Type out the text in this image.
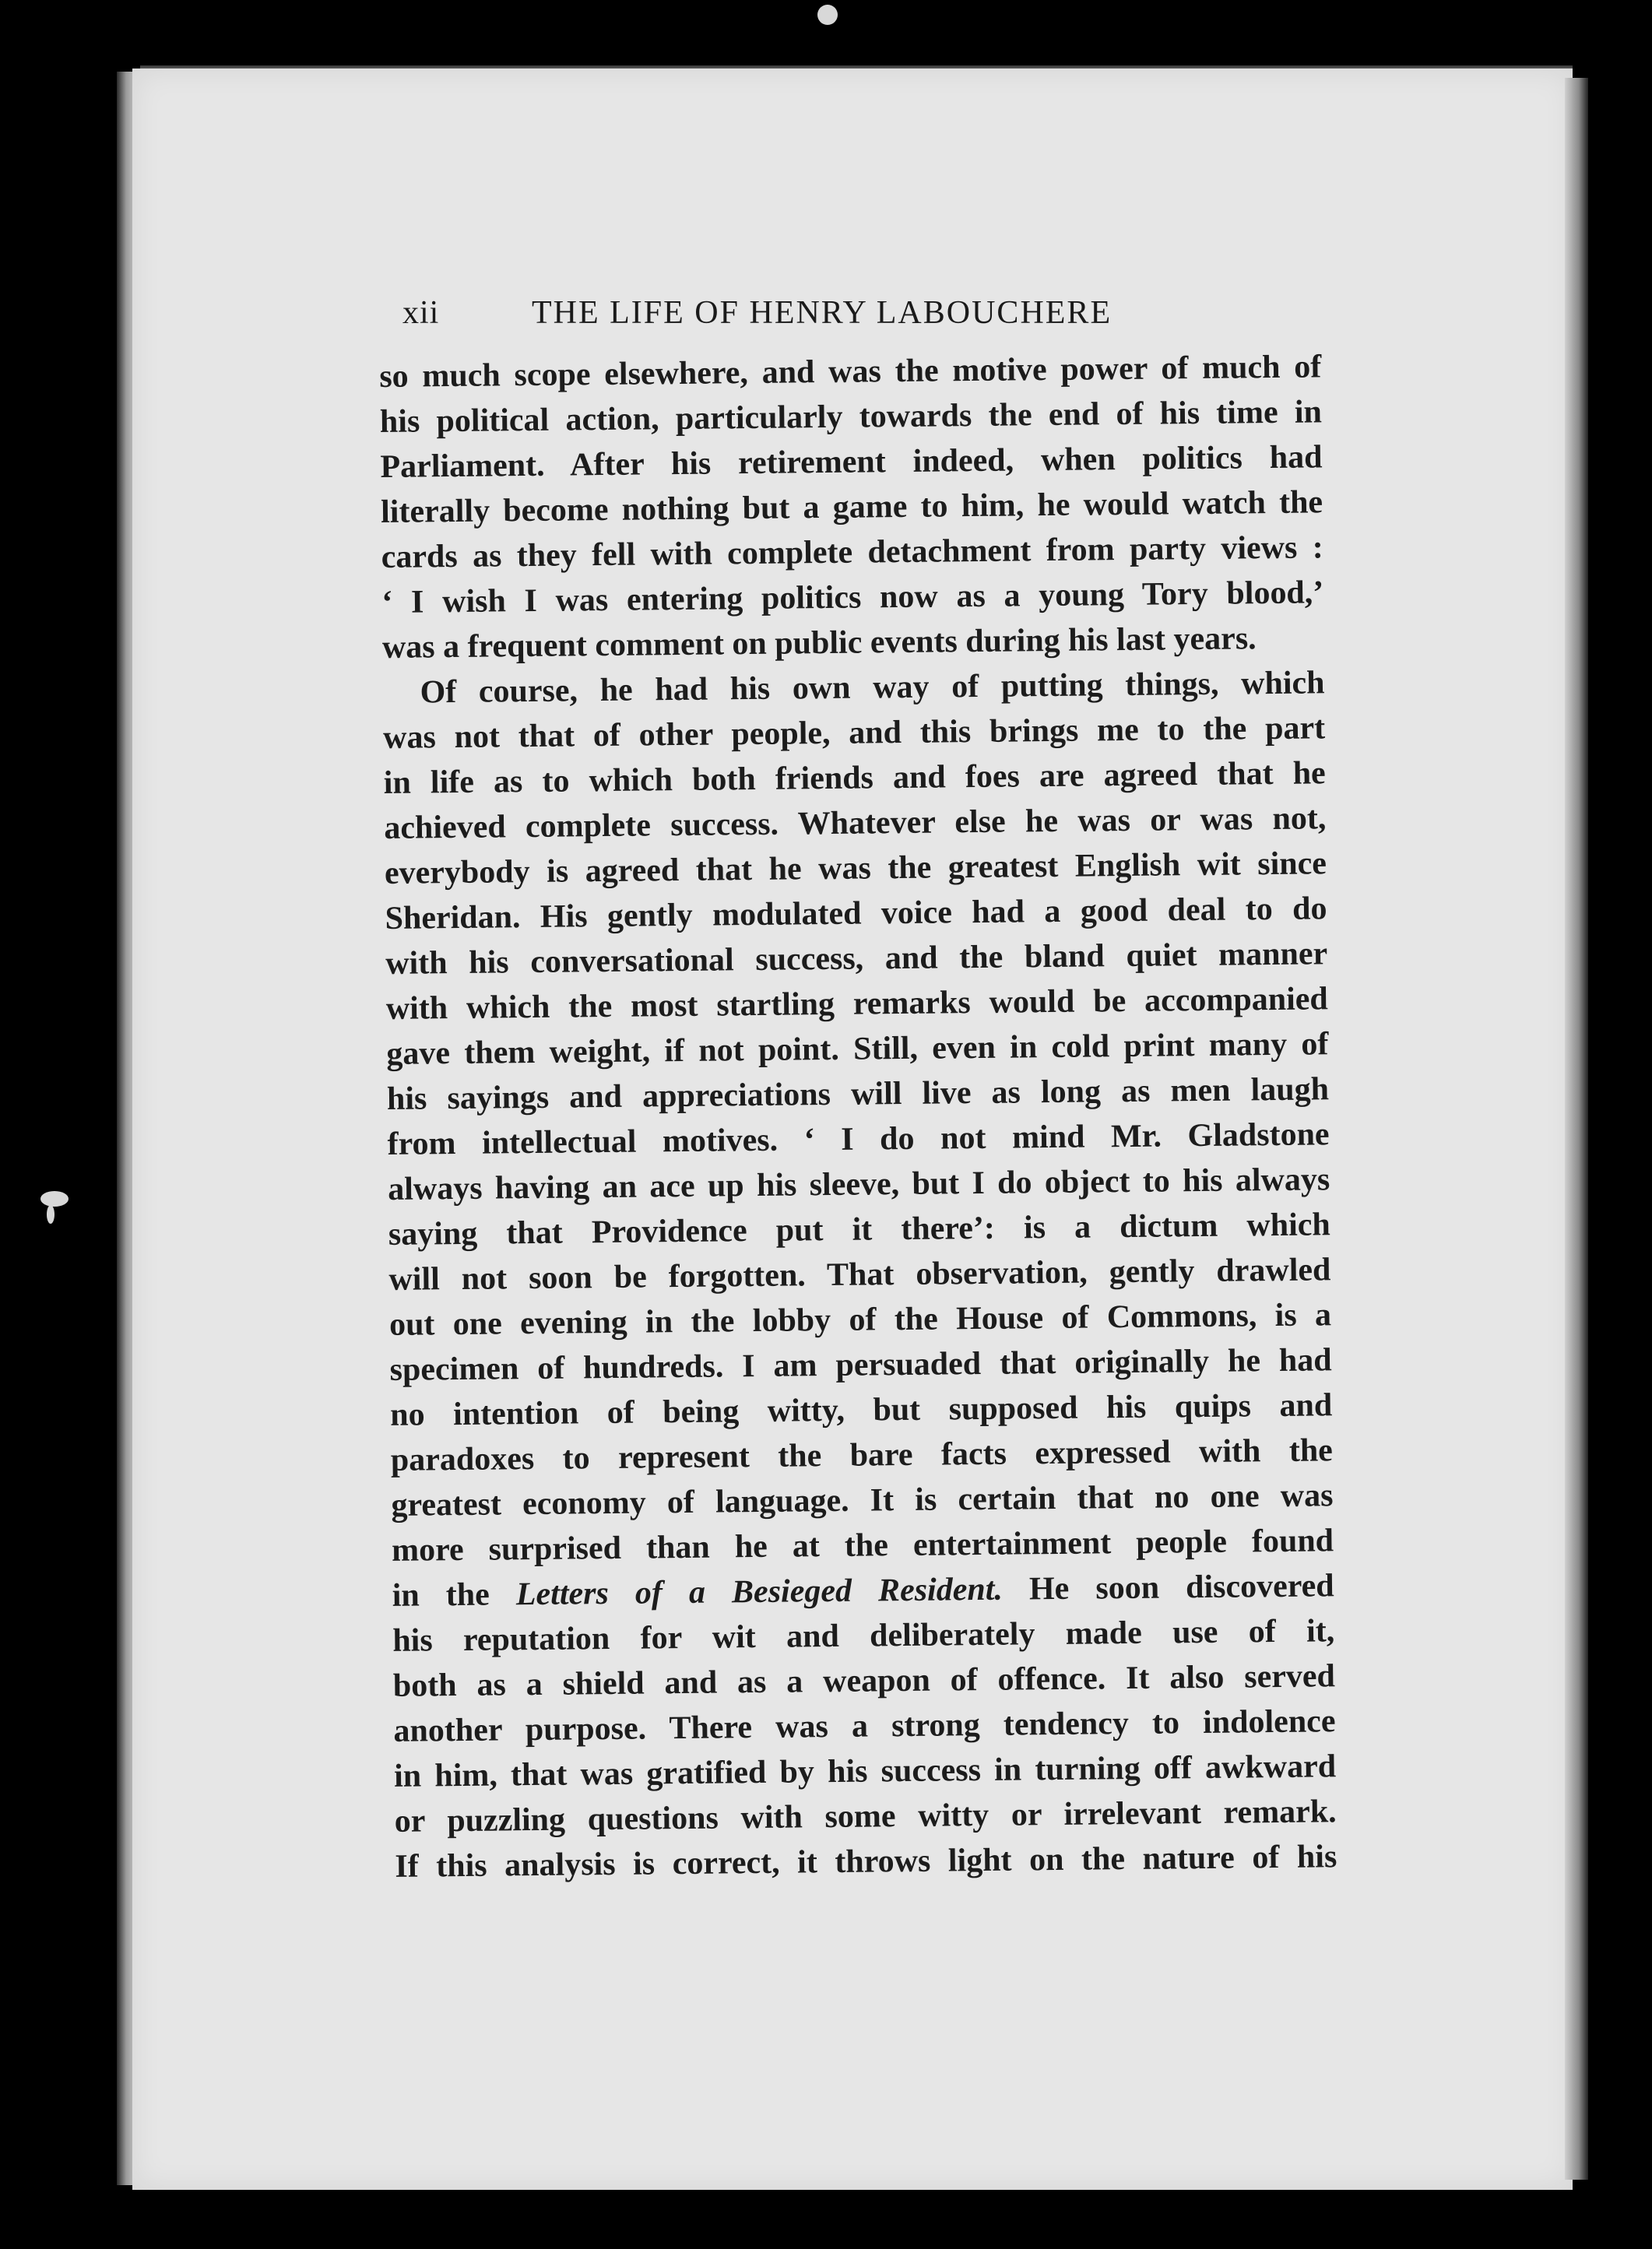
xii	THE LIFE OF HENRY LABOUCHERE

so much scope elsewhere, and was the motive power of much of
his political action, particularly towards the end of his time in
Parliament. After his retirement indeed, when politics had
literally become nothing but a game to him, he would watch the
cards as they fell with complete detachment from party views :
‘ I wish I was entering politics now as a young Tory blood,’
was a frequent comment on public events during his last years.

Of course, he had his own way of putting things, which
was not that of other people, and this brings me to the part
in life as to which both friends and foes are agreed that he
achieved complete success. Whatever else he was or was not,
everybody is agreed that he was the greatest English wit since
Sheridan. His gently modulated voice had a good deal to do
with his conversational success, and the bland quiet manner
with which the most startling remarks would be accompanied
gave them weight, if not point. Still, even in cold print many of
his sayings and appreciations will live as long as men laugh
from intellectual motives. ‘ I do not mind Mr. Gladstone
always having an ace up his sleeve, but I do object to his always
saying that Providence put it there’: is a dictum which
will not soon be forgotten. That observation, gently drawled
out one evening in the lobby of the House of Commons, is a
specimen of hundreds. I am persuaded that originally he had
no intention of being witty, but supposed his quips and
paradoxes to represent the bare facts expressed with the
greatest economy of language. It is certain that no one was
more surprised than he at the entertainment people found
in the Letters of a Besieged Resident. He soon discovered
his reputation for wit and deliberately made use of it,
both as a shield and as a weapon of offence. It also served
another purpose. There was a strong tendency to indolence
in him, that was gratified by his success in turning off awkward
or puzzling questions with some witty or irrelevant remark.
If this analysis is correct, it throws light on the nature of his
